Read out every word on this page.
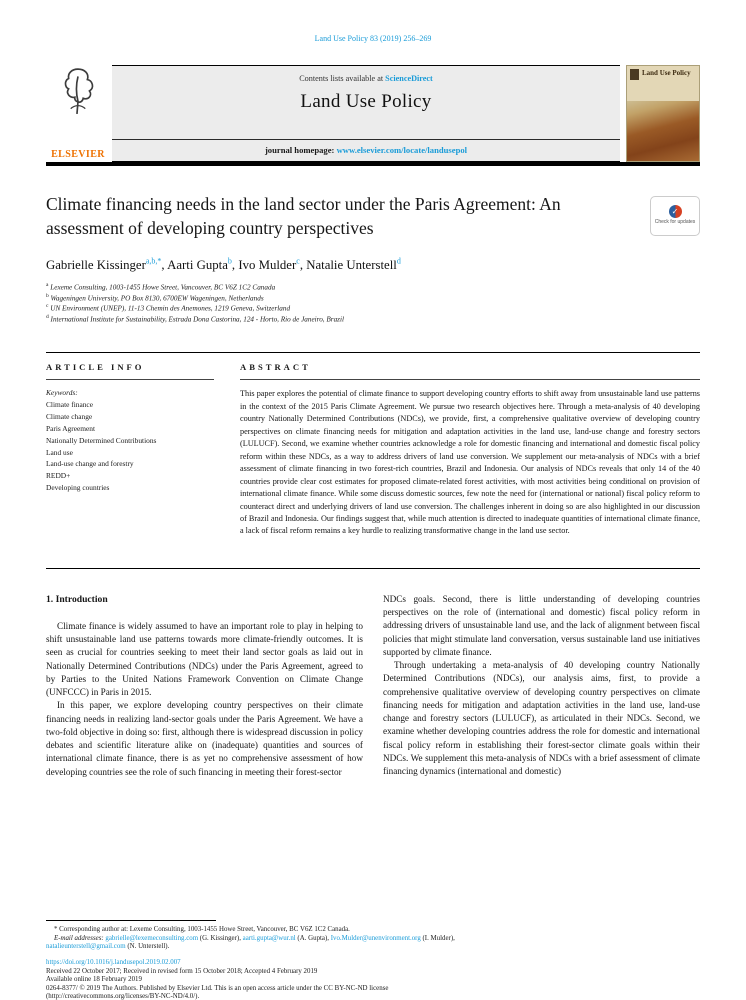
Land Use Policy 83 (2019) 256–269
ELSEVIER
Contents lists available at ScienceDirect
Land Use Policy
journal homepage: www.elsevier.com/locate/landusepol
Land Use Policy
Climate financing needs in the land sector under the Paris Agreement: An assessment of developing country perspectives
✓
Check for updates
Gabrielle Kissinger$^{a,b,*}$, Aarti Gupta$^b$, Ivo Mulder$^c$, Natalie Unterstell$^d$
$^a$ Lexeme Consulting, 1003-1455 Howe Street, Vancouver, BC V6Z 1C2 Canada
$^b$ Wageningen University, PO Box 8130, 6700EW Wageningen, Netherlands
$^c$ UN Environment (UNEP), 11-13 Chemin des Anemones, 1219 Geneva, Switzerland
$^d$ International Institute for Sustainability, Estrada Dona Castorina, 124 - Horto, Rio de Janeiro, Brazil
ARTICLE INFO
Keywords:
Climate finance
Climate change
Paris Agreement
Nationally Determined Contributions
Land use
Land-use change and forestry
REDD+
Developing countries
ABSTRACT
This paper explores the potential of climate finance to support developing country efforts to shift away from unsustainable land use patterns in the context of the 2015 Paris Climate Agreement. We pursue two research objectives here. Through a meta-analysis of 40 developing country Nationally Determined Contributions (NDCs), we provide, first, a comprehensive qualitative overview of developing country perspectives on climate financing needs for mitigation and adaptation activities in the land use, land-use change and forestry sectors (LULUCF). Second, we examine whether countries acknowledge a role for domestic financing and international and domestic fiscal policy reform within these NDCs, as a way to address drivers of land use conversion. We supplement our meta-analysis of NDCs with a brief assessment of climate financing in two forest-rich countries, Brazil and Indonesia. Our analysis of NDCs reveals that only 14 of the 40 countries provide clear cost estimates for proposed climate-related forest activities, with most activities being conditional on provision of international climate finance. While some discuss domestic sources, few note the need for (international or national) fiscal policy reform to counteract direct and underlying drivers of land use conversion. The challenges inherent in doing so are also highlighted in our discussion of Brazil and Indonesia. Our findings suggest that, while much attention is directed to inadequate quantities of international climate finance, a lack of fiscal reform remains a key hurdle to realizing transformative change in the land use sector.
1. Introduction

Climate finance is widely assumed to have an important role to play in helping to shift unsustainable land use patterns towards more climate-friendly outcomes. It is seen as crucial for countries seeking to meet their land sector goals as laid out in Nationally Determined Contributions (NDCs) under the Paris Agreement, agreed to by Parties to the United Nations Framework Convention on Climate Change (UNFCCC) in Paris in 2015.

In this paper, we explore developing country perspectives on their climate financing needs in realizing land-sector goals under the Paris Agreement. We have a two-fold objective in doing so: first, although there is widespread discussion in policy debates and scientific literature alike on (inadequate) quantities and sources of international climate finance, there is as yet no comprehensive assessment of how developing countries see the role of such financing in meeting their forest-sector

NDCs goals. Second, there is little understanding of developing countries perspectives on the role of (international and domestic) fiscal policy reform in addressing drivers of unsustainable land use, and the lack of alignment between fiscal policies that might stimulate land conversation, versus sustainable land use initiatives supported by climate finance.

Through undertaking a meta-analysis of 40 developing country Nationally Determined Contributions (NDCs), our analysis aims, first, to provide a comprehensive qualitative overview of developing country perspectives on climate financing needs for mitigation and adaptation activities in the land use, land-use change and forestry sectors (LULUCF), as articulated in their NDCs. Second, we examine whether developing countries address the role for domestic and international fiscal policy reform in establishing their forest-sector climate goals within their NDCs. We supplement this meta-analysis of NDCs with a brief assessment of climate financing dynamics (international and domestic)

* Corresponding author at: Lexeme Consulting, 1003-1455 Howe Street, Vancouver, BC V6Z 1C2 Canada.
E-mail addresses: gabrielle@lexemeconsulting.com (G. Kissinger), aarti.gupta@wur.nl (A. Gupta), Ivo.Mulder@unenvironment.org (I. Mulder),
natalieunterstell@gmail.com (N. Unterstell).
https://doi.org/10.1016/j.landusepol.2019.02.007
Received 22 October 2017; Received in revised form 15 October 2018; Accepted 4 February 2019
Available online 18 February 2019
0264-8377/ © 2019 The Authors. Published by Elsevier Ltd. This is an open access article under the CC BY-NC-ND license
(http://creativecommons.org/licenses/BY-NC-ND/4.0/).
